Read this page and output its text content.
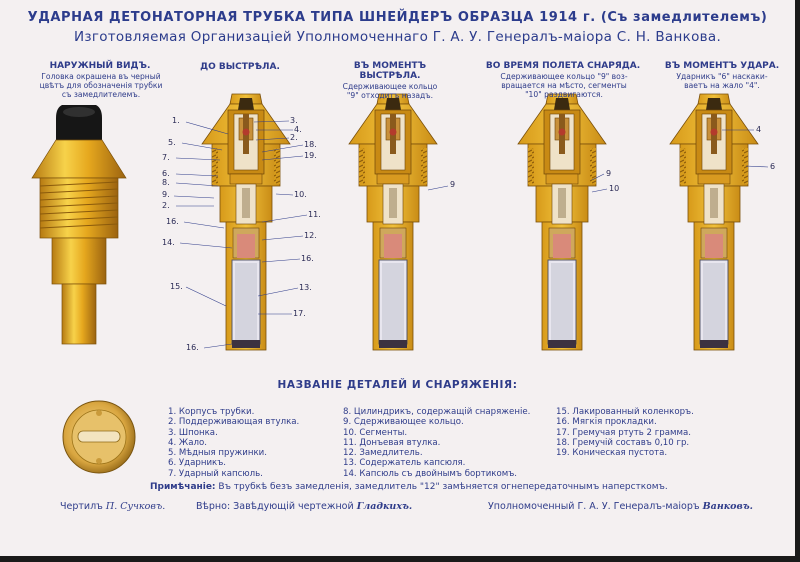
УДАРНАЯ ДЕТОНАТОРНАЯ ТРУБКА ТИПА ШНЕЙДЕРЪ ОБРАЗЦА 1914 г. (Съ замедлителемъ)
Изготовляемая Организацiей Уполномоченнаго Г. А. У. Генералъ-маiора С. Н. Ванкова.
НАРУЖНЫЙ ВИДЪ.
Головка окрашена въ черный
цвѣтъ для обозначенiя трубки
съ замедлителемъ.
ДО ВЫСТРѢЛА.	ВЪ МОМЕНТЪ
ВЫСТРѢЛА.
Сдерживающее кольцо
"9" отходитъ назадъ.
ВО ВРЕМЯ ПОЛЕТА СНАРЯДА.
Сдерживающее кольцо "9" воз-
вращается на мѣсто, сегменты
"10" раздвигаются.
ВЪ МОМЕНТЪ УДАРА.
Ударникъ "6" наскаки-
ваетъ на жало "4".
1.
5.
7.
6.
8.
9.
2.
16.
14.
15.
16.
3.
4.
2.
18.
19.
10.
11.
12.
16.
13.
17.
9
9
10
4
6
НАЗВАНIЕ ДЕТАЛЕЙ И СНАРЯЖЕНIЯ:
1. Корпусъ трубки.
2. Поддерживающая втулка.
3. Шпонка.
4. Жало.
5. Мѣдныя пружинки.
6. Ударникъ.
7. Ударный капсюль.
8. Цилиндрикъ, содержащiй снаряженiе.
9. Сдерживающее кольцо.
10. Сегменты.
11. Донъевая втулка.
12. Замедлитель.
13. Содержатель капсюля.
14. Капсюль съ двойнымъ бортикомъ.
15. Лакированный коленкоръ.
16. Мягкiя прокладки.
17. Гремучая ртуть 2 грамма.
18. Гремучiй составъ 0,10 гр.
19. Коническая пустота.
Примѣчанiе: Въ трубкѣ безъ замедленiя, замедлитель "12" замѣняется огнепередаточнымъ наперсткомъ.
Чертилъ П. Сучковъ.	Вѣрно: Завѣдующiй чертежной Гладкихъ.	Уполномоченный Г. А. У. Генералъ-маiоръ Ванковъ.
